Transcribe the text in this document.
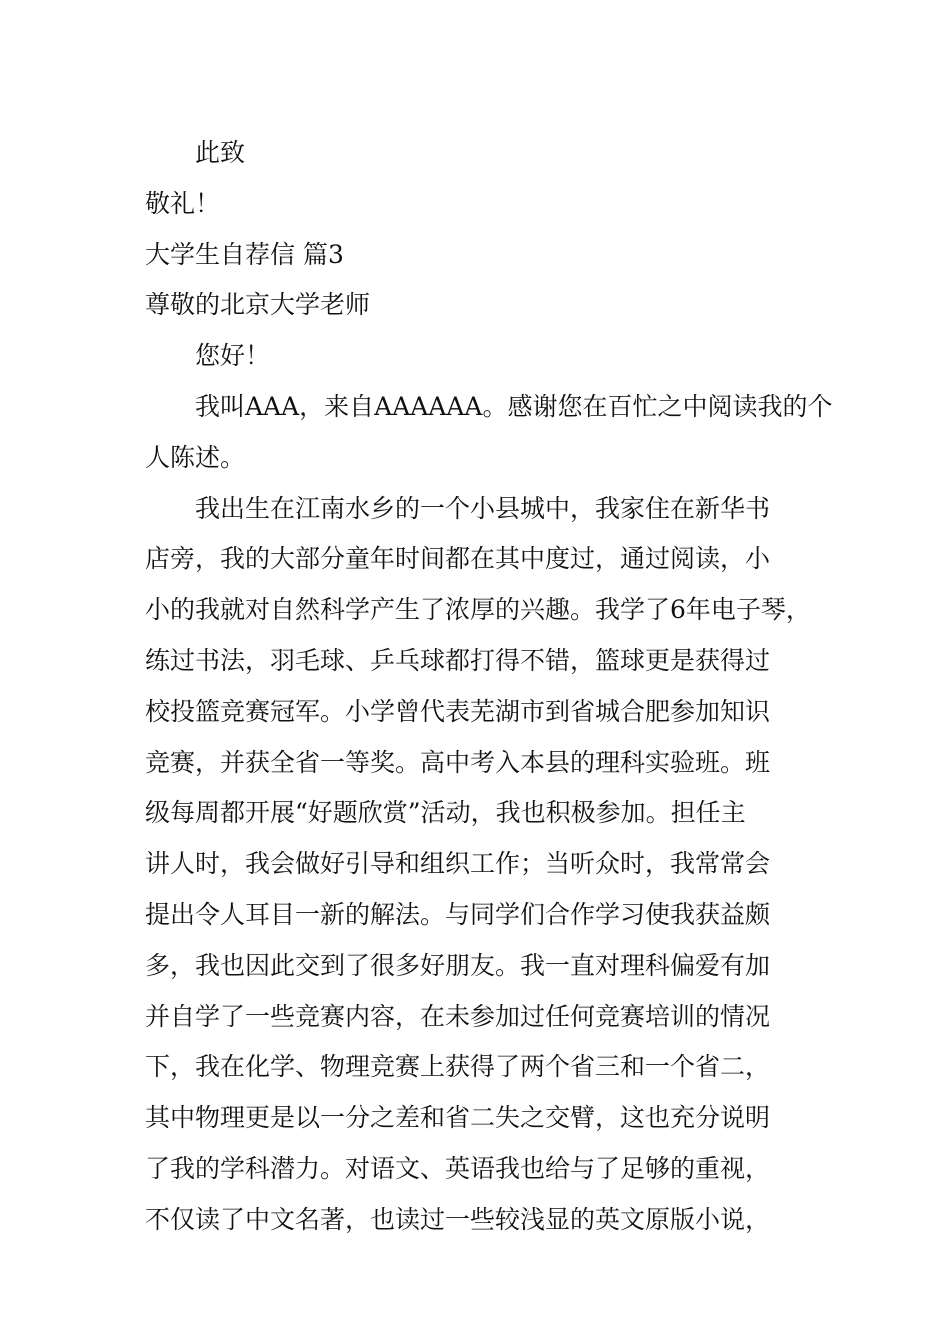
此致
敬礼！
大学生自荐信 篇3
尊敬的北京大学老师
您好！
我叫AAA，来自AAAAAA。感谢您在百忙之中阅读我的个
人陈述。
我出生在江南水乡的一个小县城中，我家住在新华书
店旁，我的大部分童年时间都在其中度过，通过阅读，小
小的我就对自然科学产生了浓厚的兴趣。我学了6年电子琴，
练过书法，羽毛球、乒乓球都打得不错，篮球更是获得过
校投篮竞赛冠军。小学曾代表芜湖市到省城合肥参加知识
竞赛，并获全省一等奖。高中考入本县的理科实验班。班
级每周都开展“好题欣赏”活动，我也积极参加。担任主
讲人时，我会做好引导和组织工作；当听众时，我常常会
提出令人耳目一新的解法。与同学们合作学习使我获益颇
多，我也因此交到了很多好朋友。我一直对理科偏爱有加
并自学了一些竞赛内容，在未参加过任何竞赛培训的情况
下，我在化学、物理竞赛上获得了两个省三和一个省二，
其中物理更是以一分之差和省二失之交臂，这也充分说明
了我的学科潜力。对语文、英语我也给与了足够的重视，
不仅读了中文名著，也读过一些较浅显的英文原版小说，
